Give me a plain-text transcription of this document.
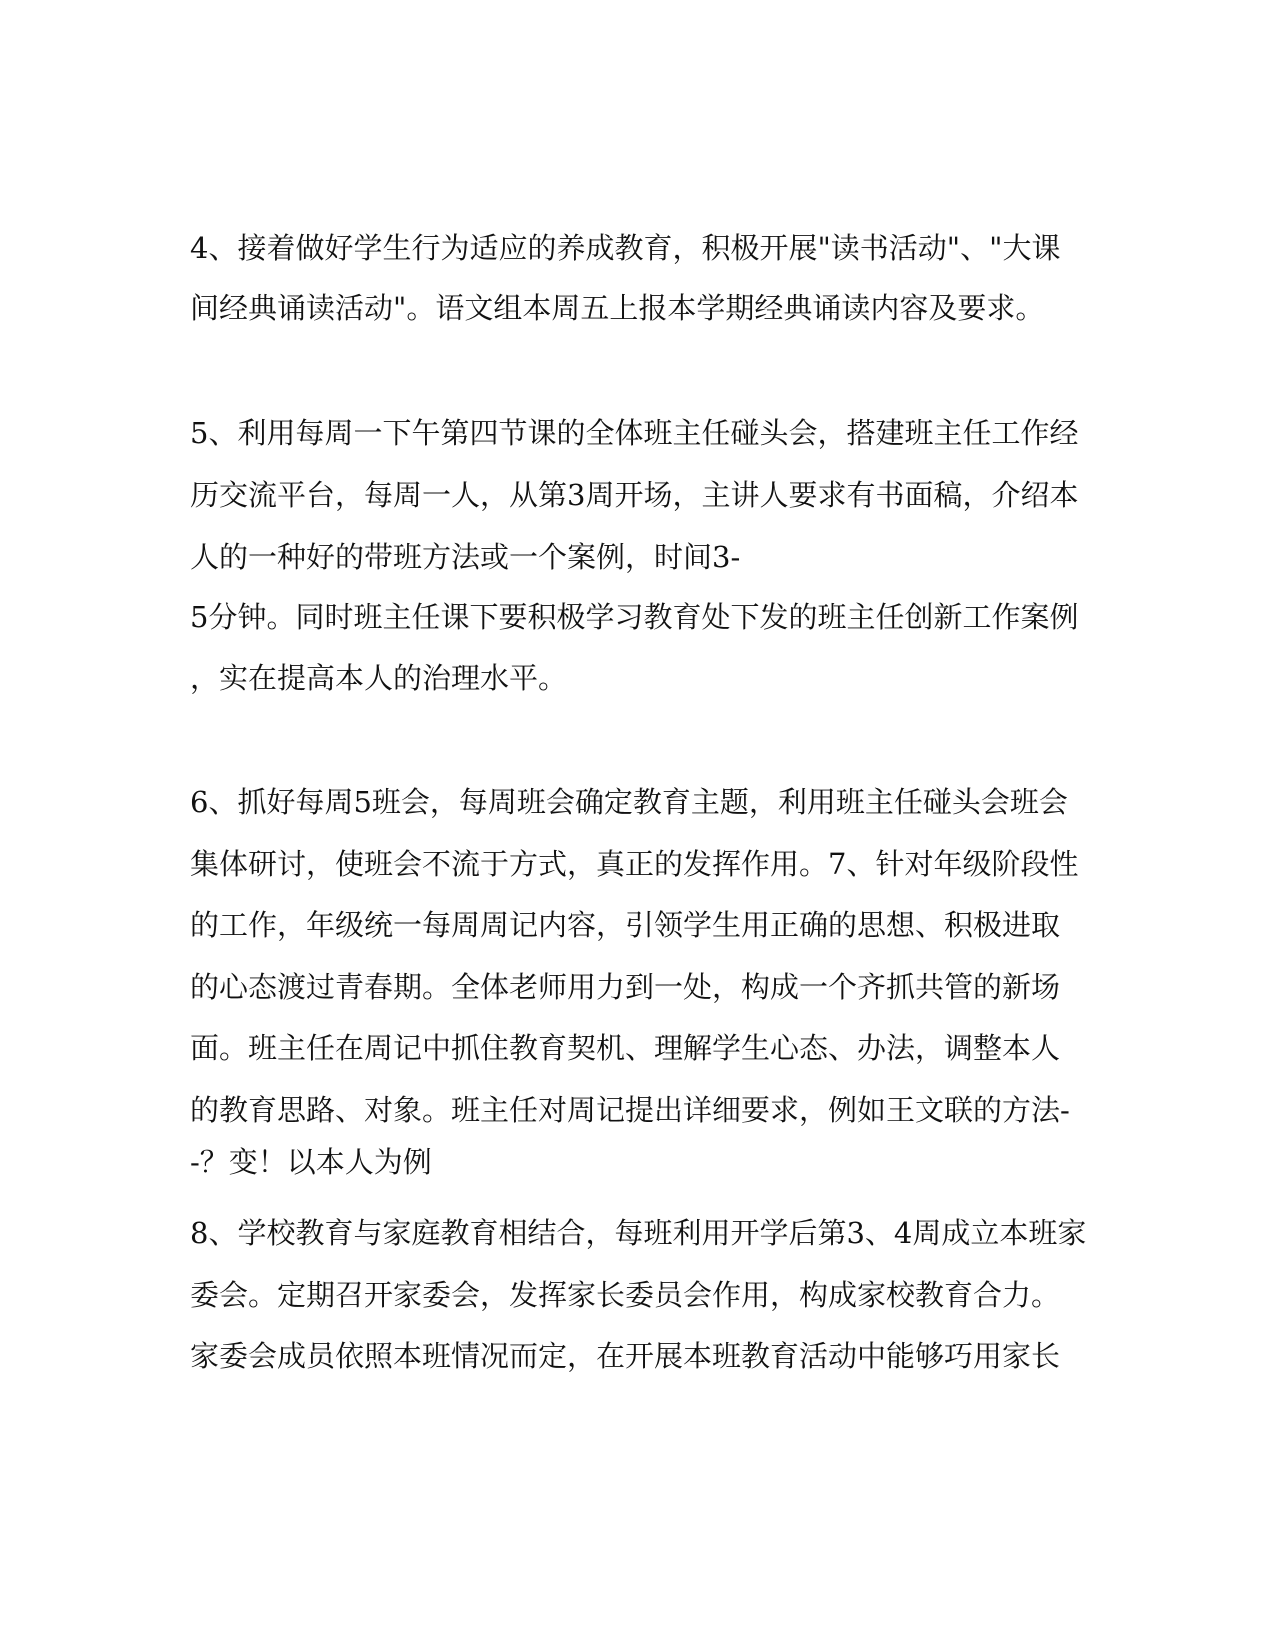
4、接着做好学生行为适应的养成教育，积极开展"读书活动"、"大课
间经典诵读活动"。语文组本周五上报本学期经典诵读内容及要求。
5、利用每周一下午第四节课的全体班主任碰头会，搭建班主任工作经
历交流平台，每周一人，从第3周开场，主讲人要求有书面稿，介绍本
人的一种好的带班方法或一个案例，时间3-
5分钟。同时班主任课下要积极学习教育处下发的班主任创新工作案例
，实在提高本人的治理水平。
6、抓好每周5班会，每周班会确定教育主题，利用班主任碰头会班会
集体研讨，使班会不流于方式，真正的发挥作用。7、针对年级阶段性
的工作，年级统一每周周记内容，引领学生用正确的思想、积极进取
的心态渡过青春期。全体老师用力到一处，构成一个齐抓共管的新场
面。班主任在周记中抓住教育契机、理解学生心态、办法，调整本人
的教育思路、对象。班主任对周记提出详细要求，例如王文联的方法-
-？变！以本人为例
8、学校教育与家庭教育相结合，每班利用开学后第3、4周成立本班家
委会。定期召开家委会，发挥家长委员会作用，构成家校教育合力。
家委会成员依照本班情况而定，在开展本班教育活动中能够巧用家长
